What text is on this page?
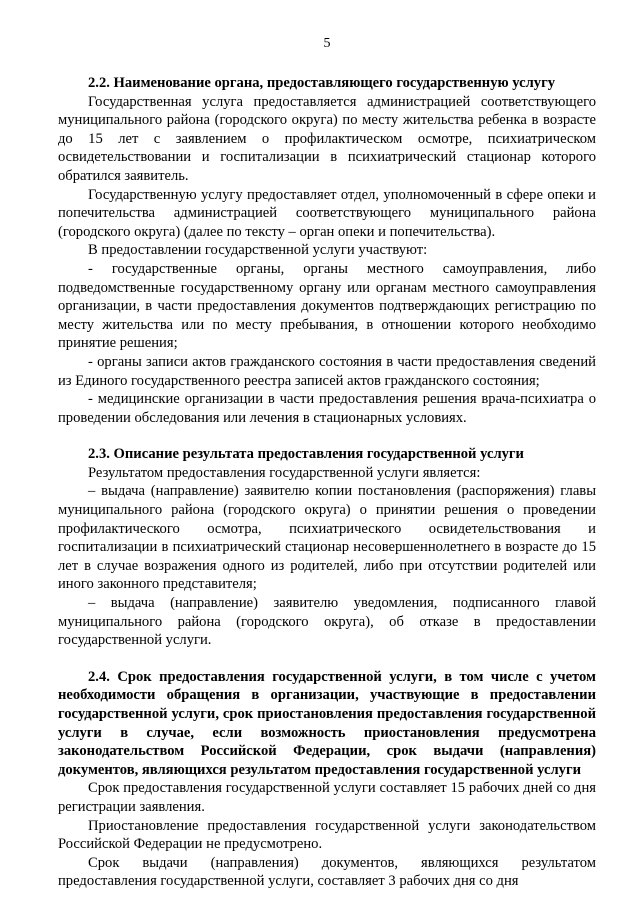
5

2.2. Наименование органа, предоставляющего государственную услугу

Государственная услуга предоставляется администрацией соответствующего муниципального района (городского округа) по месту жительства ребенка в возрасте до 15 лет с заявлением о профилактическом осмотре, психиатрическом освидетельствовании и госпитализации в психиатрический стационар которого обратился заявитель.

Государственную услугу предоставляет отдел, уполномоченный в сфере опеки и попечительства администрацией соответствующего муниципального района (городского округа) (далее по тексту – орган опеки и попечительства).

В предоставлении государственной услуги участвуют:

- государственные органы, органы местного самоуправления, либо подведомственные государственному органу или органам местного самоуправления организации, в части предоставления документов подтверждающих регистрацию по месту жительства или по месту пребывания, в отношении которого необходимо принятие решения;

- органы записи актов гражданского состояния в части предоставления сведений из Единого государственного реестра записей актов гражданского состояния;

- медицинские организации в части предоставления решения врача-психиатра о проведении обследования или лечения в стационарных условиях.

2.3. Описание результата предоставления государственной услуги

Результатом предоставления государственной услуги является:

– выдача (направление) заявителю копии постановления (распоряжения) главы муниципального района (городского округа) о принятии решения о проведении профилактического осмотра, психиатрического освидетельствования и госпитализации в психиатрический стационар несовершеннолетнего в возрасте до 15 лет в случае возражения одного из родителей, либо при отсутствии родителей или иного законного представителя;

– выдача (направление) заявителю уведомления, подписанного главой муниципального района (городского округа), об отказе в предоставлении государственной услуги.

2.4. Срок предоставления государственной услуги, в том числе с учетом необходимости обращения в организации, участвующие в предоставлении государственной услуги, срок приостановления предоставления государственной услуги в случае, если возможность приостановления предусмотрена законодательством Российской Федерации, срок выдачи (направления) документов, являющихся результатом предоставления государственной услуги

Срок предоставления государственной услуги составляет 15 рабочих дней со дня регистрации заявления.

Приостановление предоставления государственной услуги законодательством Российской Федерации не предусмотрено.

Срок выдачи (направления) документов, являющихся результатом предоставления государственной услуги, составляет 3 рабочих дня со дня
